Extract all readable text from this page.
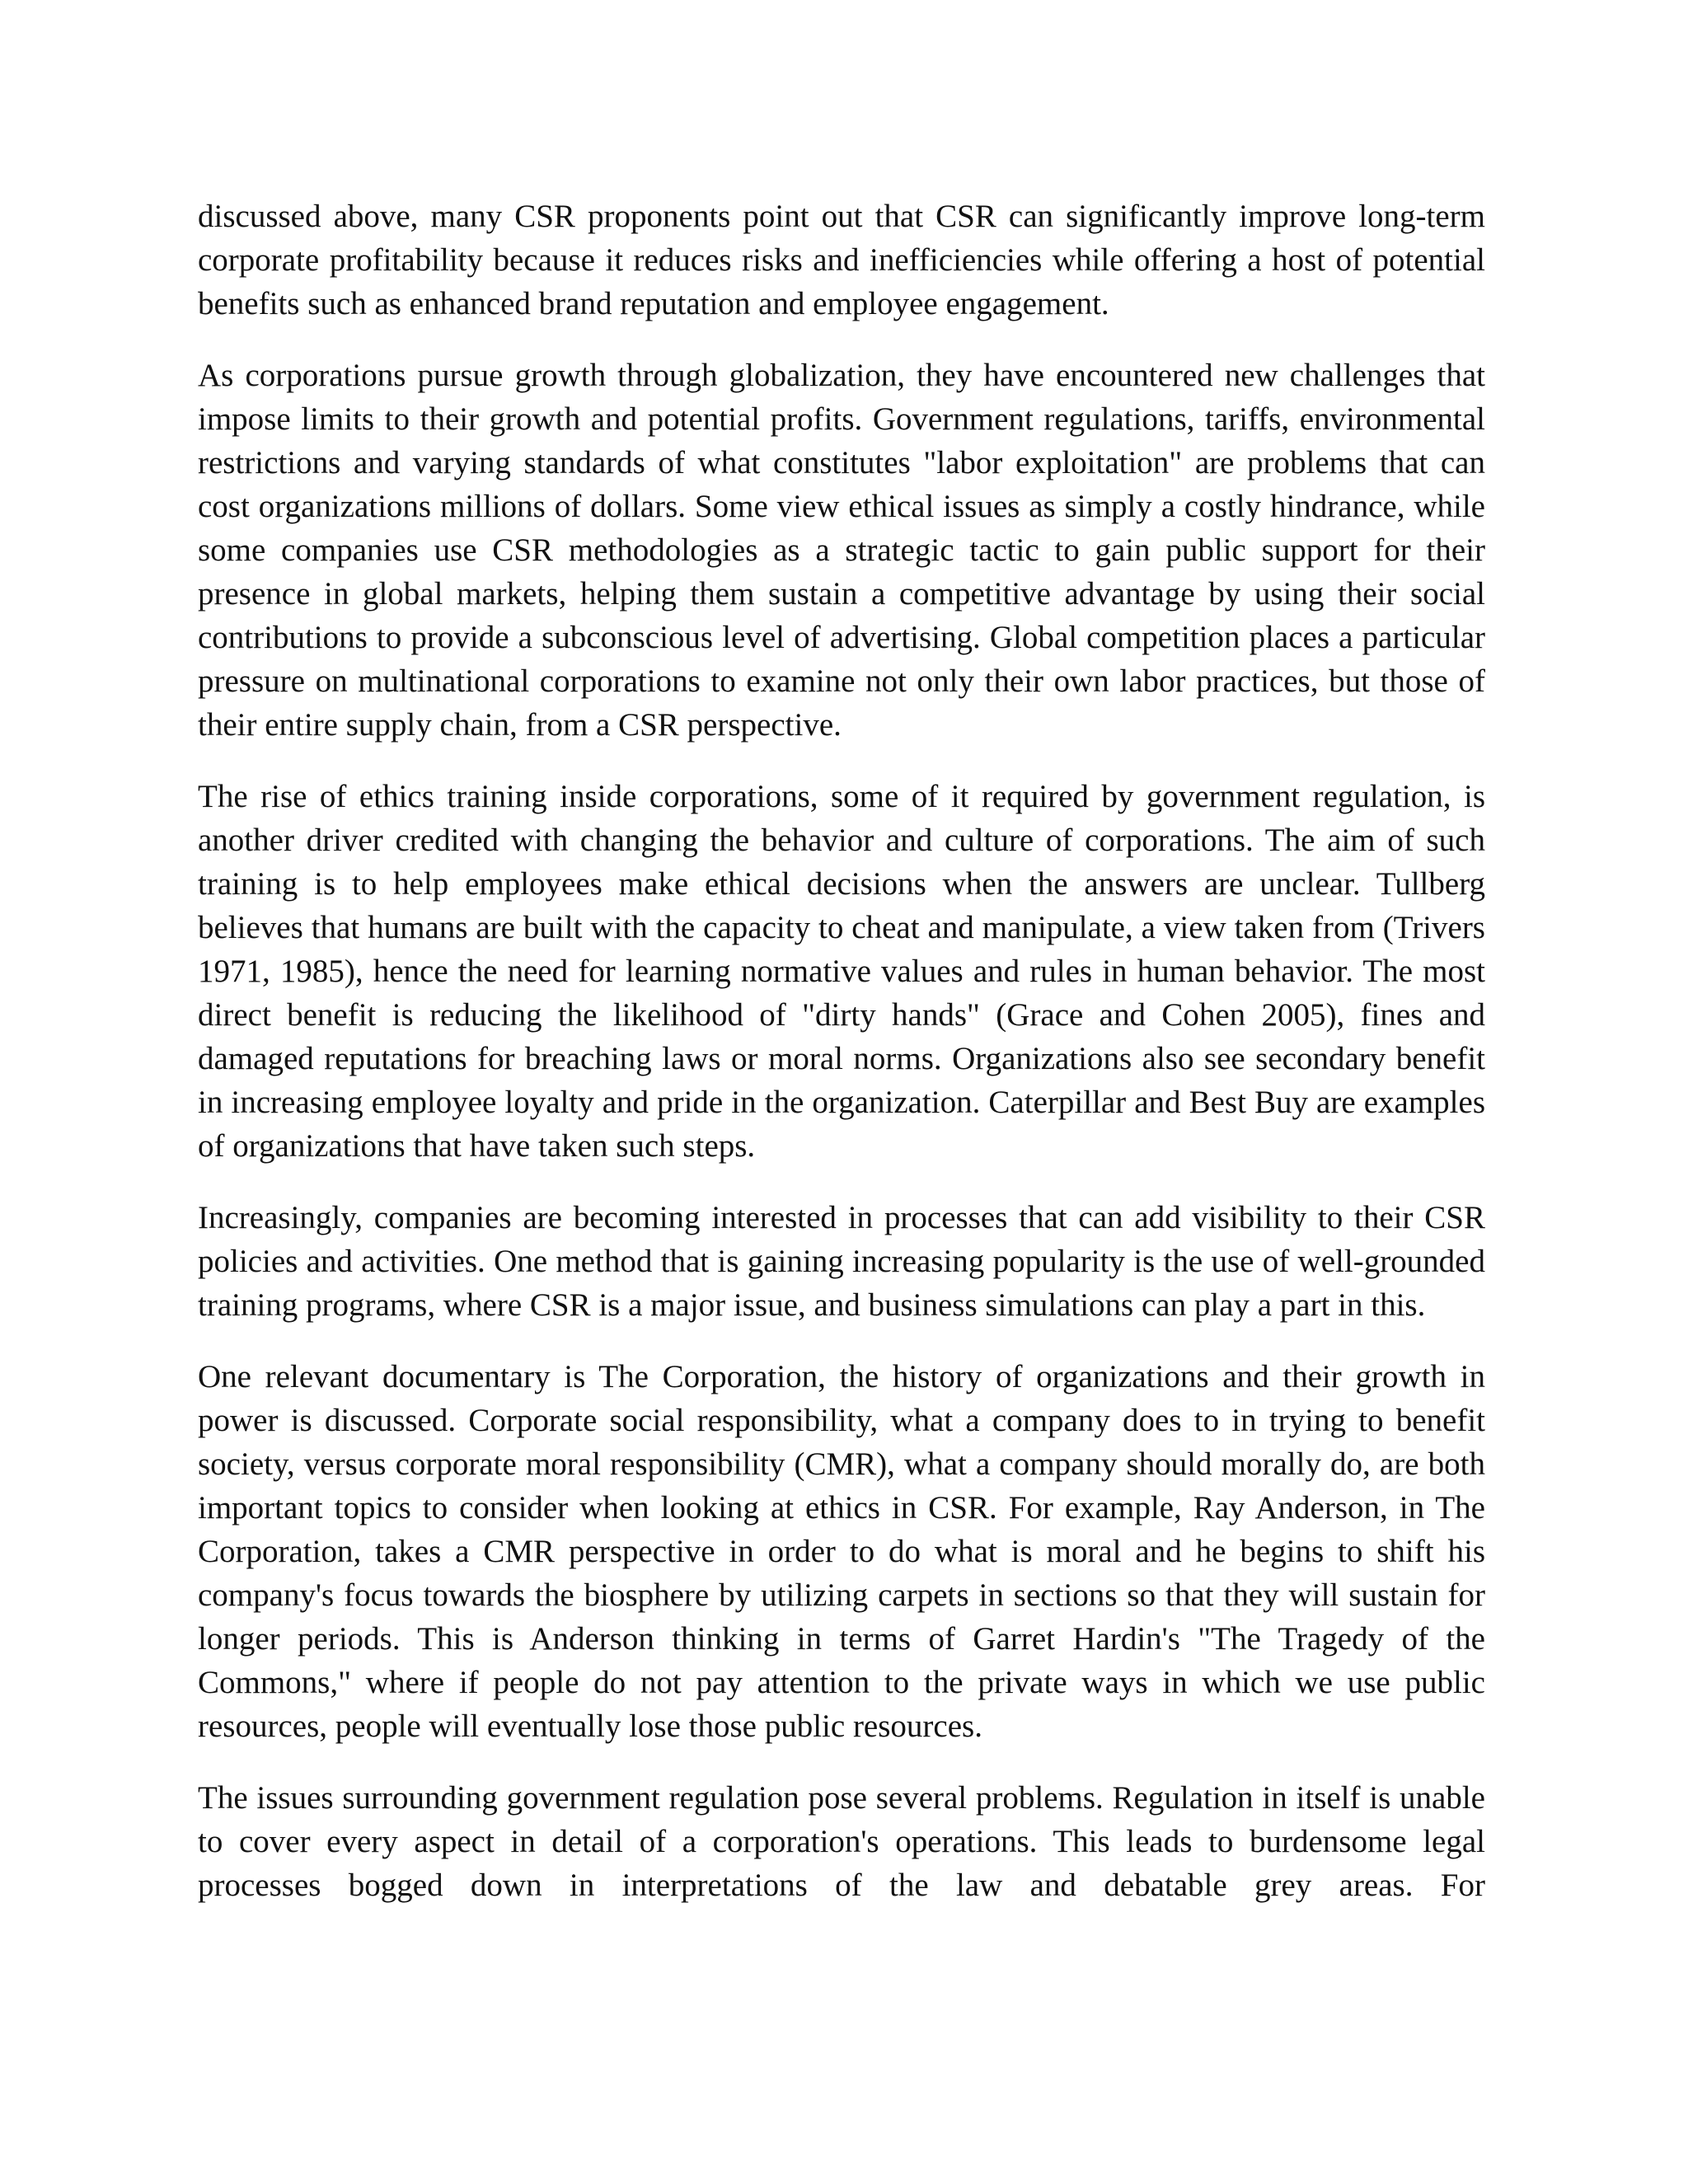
discussed above, many CSR proponents point out that CSR can significantly improve long-term corporate profitability because it reduces risks and inefficiencies while offering a host of potential benefits such as enhanced brand reputation and employee engagement.

As corporations pursue growth through globalization, they have encountered new challenges that impose limits to their growth and potential profits. Government regulations, tariffs, environmental restrictions and varying standards of what constitutes "labor exploitation" are problems that can cost organizations millions of dollars. Some view ethical issues as simply a costly hindrance, while some companies use CSR methodologies as a strategic tactic to gain public support for their presence in global markets, helping them sustain a competitive advantage by using their social contributions to provide a subconscious level of advertising. Global competition places a particular pressure on multinational corporations to examine not only their own labor practices, but those of their entire supply chain, from a CSR perspective.

The rise of ethics training inside corporations, some of it required by government regulation, is another driver credited with changing the behavior and culture of corporations. The aim of such training is to help employees make ethical decisions when the answers are unclear. Tullberg believes that humans are built with the capacity to cheat and manipulate, a view taken from (Trivers 1971, 1985), hence the need for learning normative values and rules in human behavior. The most direct benefit is reducing the likelihood of "dirty hands" (Grace and Cohen 2005), fines and damaged reputations for breaching laws or moral norms. Organizations also see secondary benefit in increasing employee loyalty and pride in the organization. Caterpillar and Best Buy are examples of organizations that have taken such steps.

Increasingly, companies are becoming interested in processes that can add visibility to their CSR policies and activities. One method that is gaining increasing popularity is the use of well-grounded training programs, where CSR is a major issue, and business simulations can play a part in this.

One relevant documentary is The Corporation, the history of organizations and their growth in power is discussed. Corporate social responsibility, what a company does to in trying to benefit society, versus corporate moral responsibility (CMR), what a company should morally do, are both important topics to consider when looking at ethics in CSR. For example, Ray Anderson, in The Corporation, takes a CMR perspective in order to do what is moral and he begins to shift his company's focus towards the biosphere by utilizing carpets in sections so that they will sustain for longer periods. This is Anderson thinking in terms of Garret Hardin's "The Tragedy of the Commons," where if people do not pay attention to the private ways in which we use public resources, people will eventually lose those public resources.

The issues surrounding government regulation pose several problems. Regulation in itself is unable to cover every aspect in detail of a corporation's operations. This leads to burdensome legal processes bogged down in interpretations of the law and debatable grey areas. For
